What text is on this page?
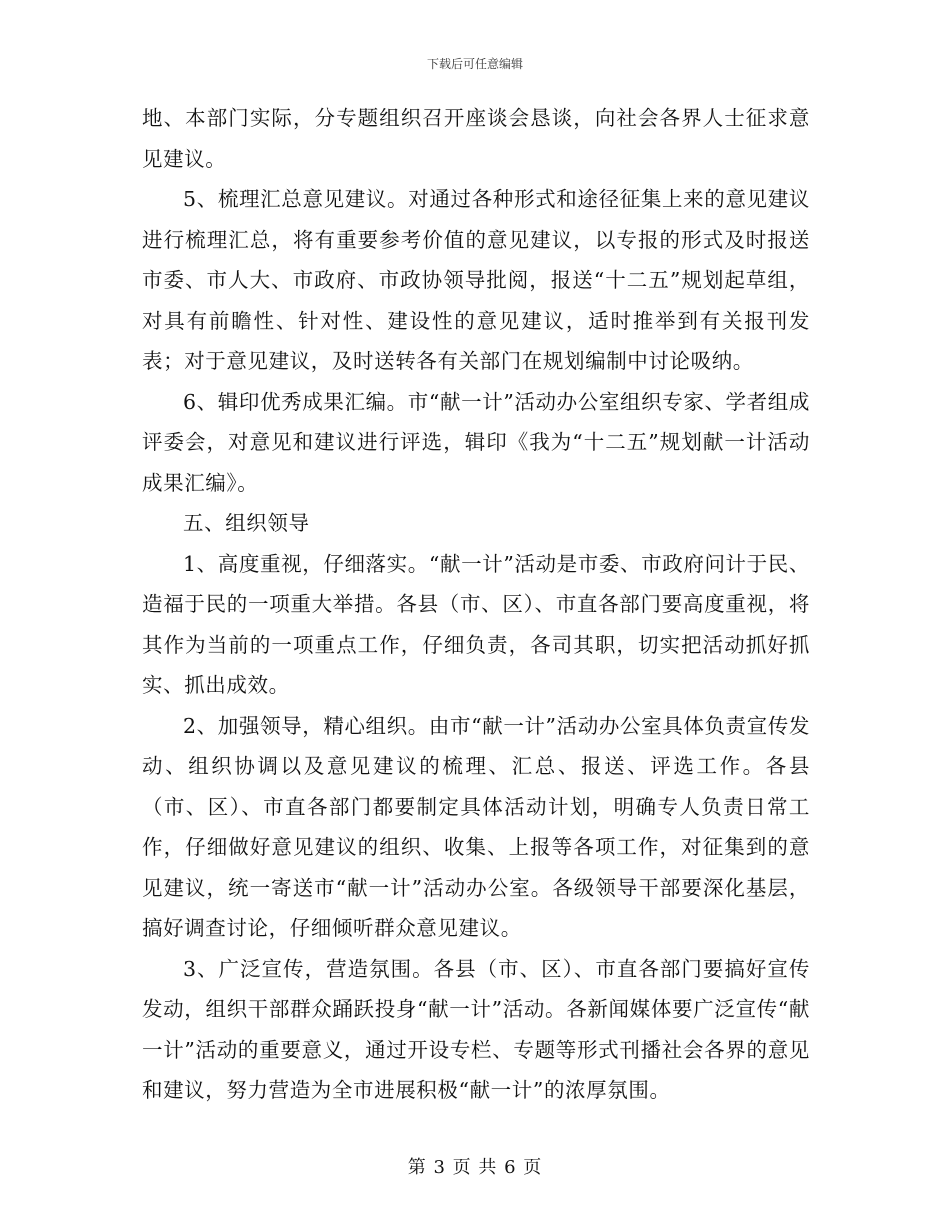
下载后可任意编辑

地、本部门实际，分专题组织召开座谈会恳谈，向社会各界人士征求意见建议。

5、梳理汇总意见建议。对通过各种形式和途径征集上来的意见建议进行梳理汇总，将有重要参考价值的意见建议，以专报的形式及时报送市委、市人大、市政府、市政协领导批阅，报送“十二五”规划起草组，对具有前瞻性、针对性、建设性的意见建议，适时推举到有关报刊发表；对于意见建议，及时送转各有关部门在规划编制中讨论吸纳。

6、辑印优秀成果汇编。市“献一计”活动办公室组织专家、学者组成评委会，对意见和建议进行评选，辑印《我为“十二五”规划献一计活动成果汇编》。

五、组织领导

1、高度重视，仔细落实。“献一计”活动是市委、市政府问计于民、造福于民的一项重大举措。各县（市、区）、市直各部门要高度重视，将其作为当前的一项重点工作，仔细负责，各司其职，切实把活动抓好抓实、抓出成效。

2、加强领导，精心组织。由市“献一计”活动办公室具体负责宣传发动、组织协调以及意见建议的梳理、汇总、报送、评选工作。各县（市、区）、市直各部门都要制定具体活动计划，明确专人负责日常工作，仔细做好意见建议的组织、收集、上报等各项工作，对征集到的意见建议，统一寄送市“献一计”活动办公室。各级领导干部要深化基层，搞好调查讨论，仔细倾听群众意见建议。

3、广泛宣传，营造氛围。各县（市、区）、市直各部门要搞好宣传发动，组织干部群众踊跃投身“献一计”活动。各新闻媒体要广泛宣传“献一计”活动的重要意义，通过开设专栏、专题等形式刊播社会各界的意见和建议，努力营造为全市进展积极“献一计”的浓厚氛围。

第 3 页 共 6 页
